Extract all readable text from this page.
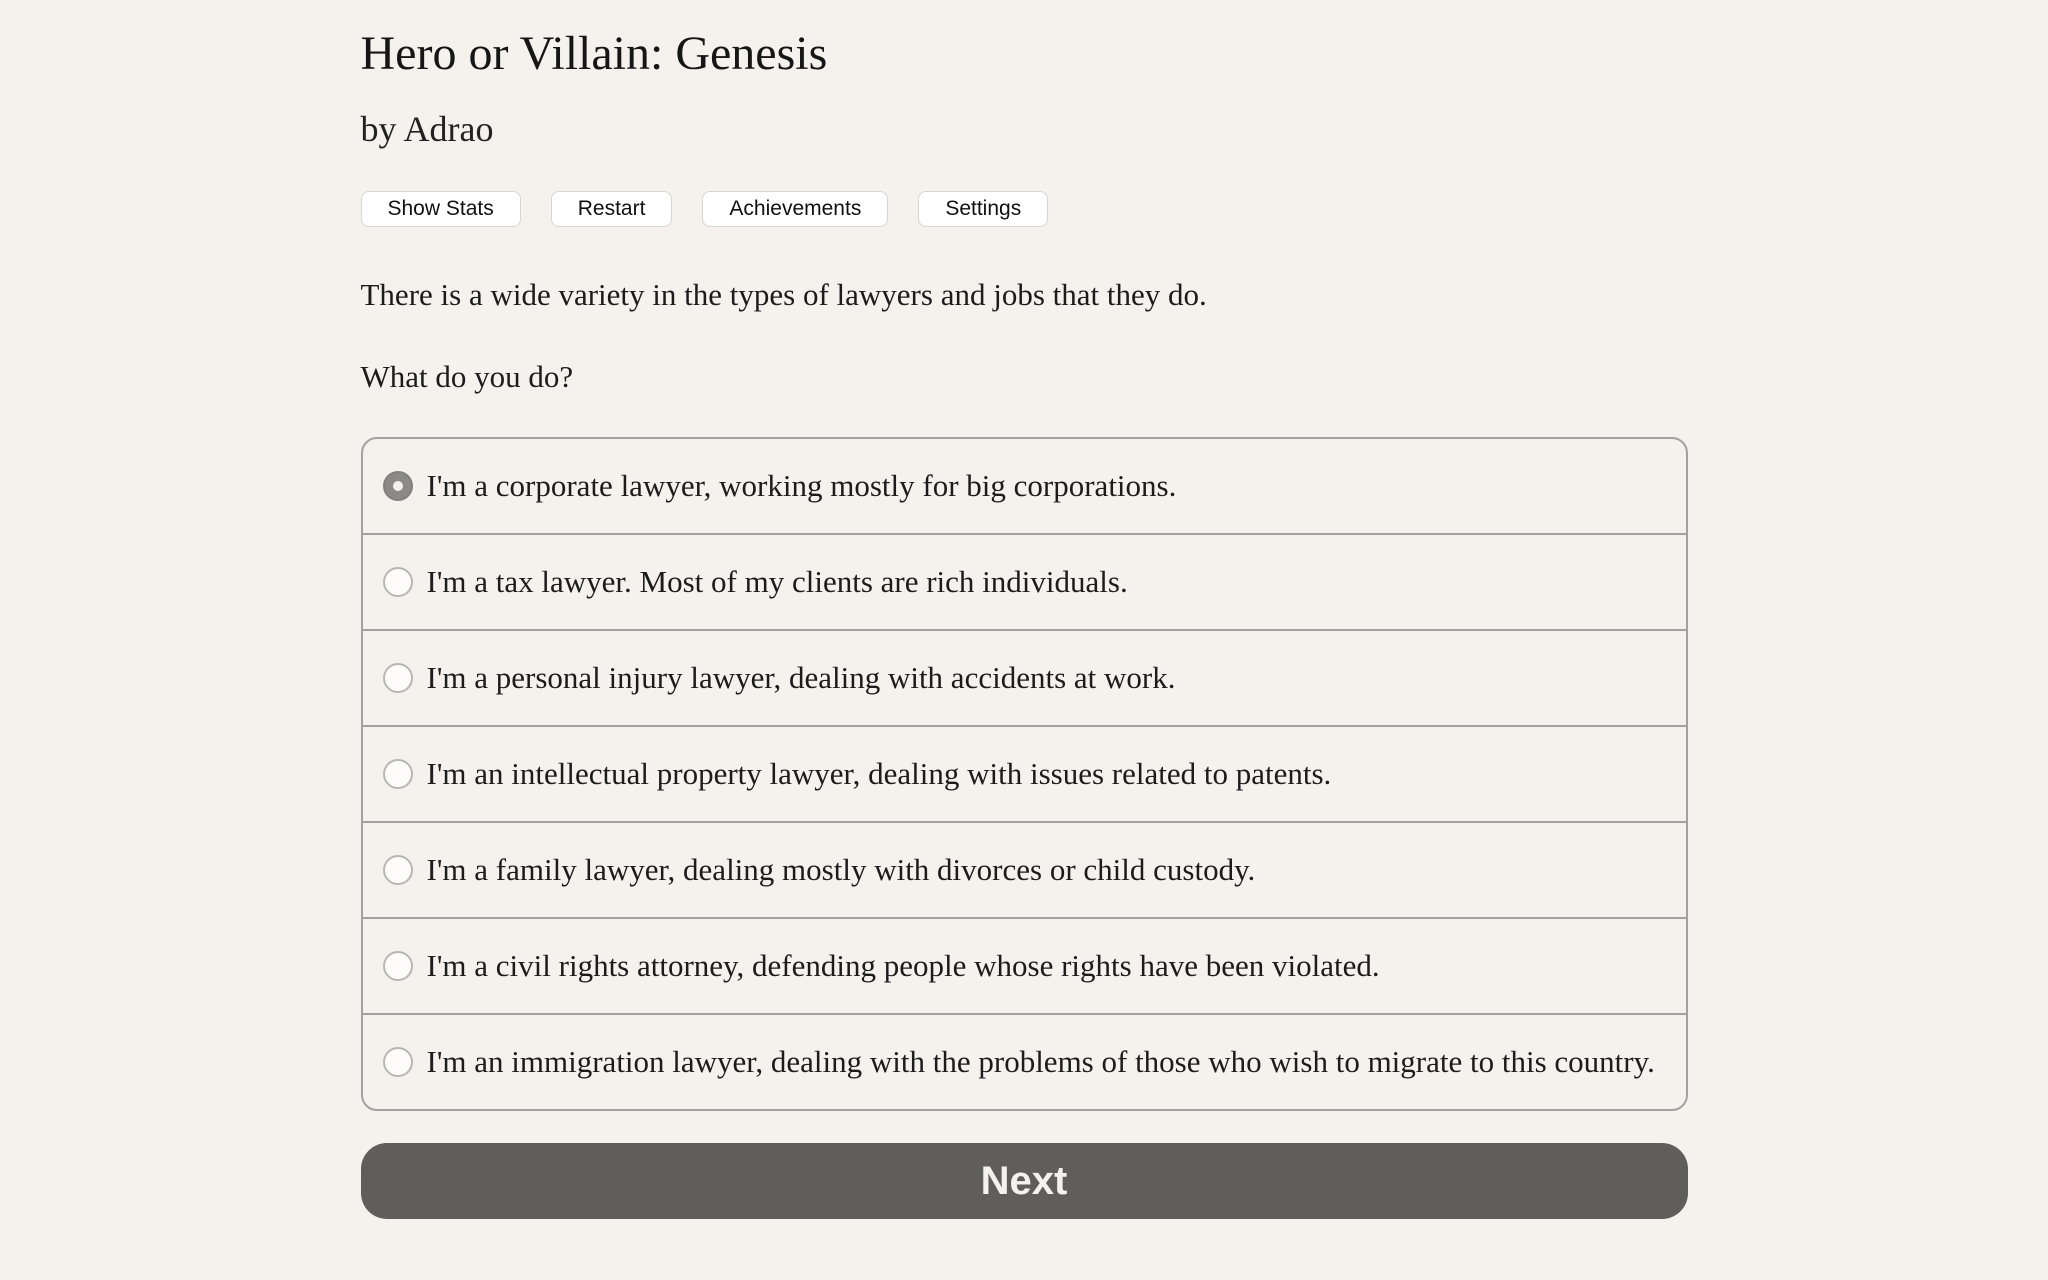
Hero or Villain: Genesis
by Adrao
Show Stats	Restart	Achievements	Settings
There is a wide variety in the types of lawyers and jobs that they do.
What do you do?
I'm a corporate lawyer, working mostly for big corporations.
I'm a tax lawyer. Most of my clients are rich individuals.
I'm a personal injury lawyer, dealing with accidents at work.
I'm an intellectual property lawyer, dealing with issues related to patents.
I'm a family lawyer, dealing mostly with divorces or child custody.
I'm a civil rights attorney, defending people whose rights have been violated.
I'm an immigration lawyer, dealing with the problems of those who wish to migrate to this country.
Next
